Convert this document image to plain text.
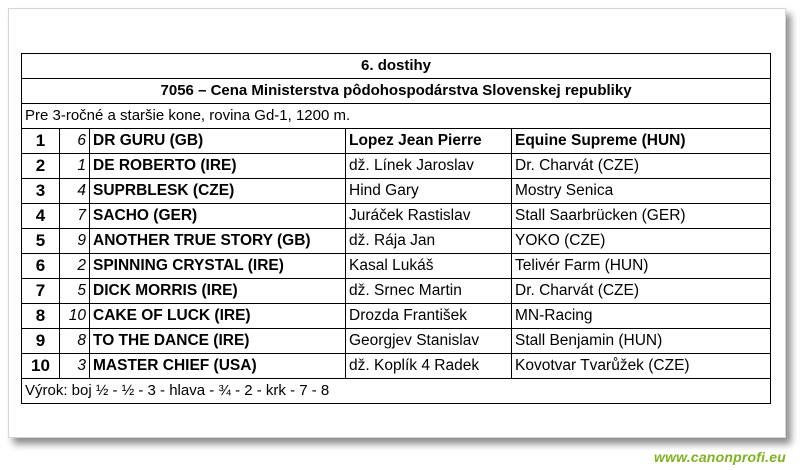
6. dostihy				
7056 – Cena Ministerstva pôdohospodárstva Slovenskej republiky				
Pre 3-ročné a staršie kone, rovina Gd-1, 1200 m.				
1	6	DR GURU (GB)	Lopez Jean Pierre	Equine Supreme (HUN)
2	1	DE ROBERTO (IRE)	dž. Línek Jaroslav	Dr. Charvát (CZE)
3	4	SUPRBLESK (CZE)	Hind Gary	Mostry Senica
4	7	SACHO (GER)	Juráček Rastislav	Stall Saarbrücken (GER)
5	9	ANOTHER TRUE STORY (GB)	dž. Rája Jan	YOKO (CZE)
6	2	SPINNING CRYSTAL (IRE)	Kasal Lukáš	Telivér Farm (HUN)
7	5	DICK MORRIS (IRE)	dž. Srnec Martin	Dr. Charvát (CZE)
8	10	CAKE OF LUCK (IRE)	Drozda František	MN-Racing
9	8	TO THE DANCE (IRE)	Georgjev Stanislav	Stall Benjamin (HUN)
10	3	MASTER CHIEF (USA)	dž. Koplík 4 Radek	Kovotvar Tvarůžek (CZE)
Výrok: boj ½ - ½ - 3 - hlava - ¾ - 2 - krk - 7 - 8				
www.canonprofi.eu
